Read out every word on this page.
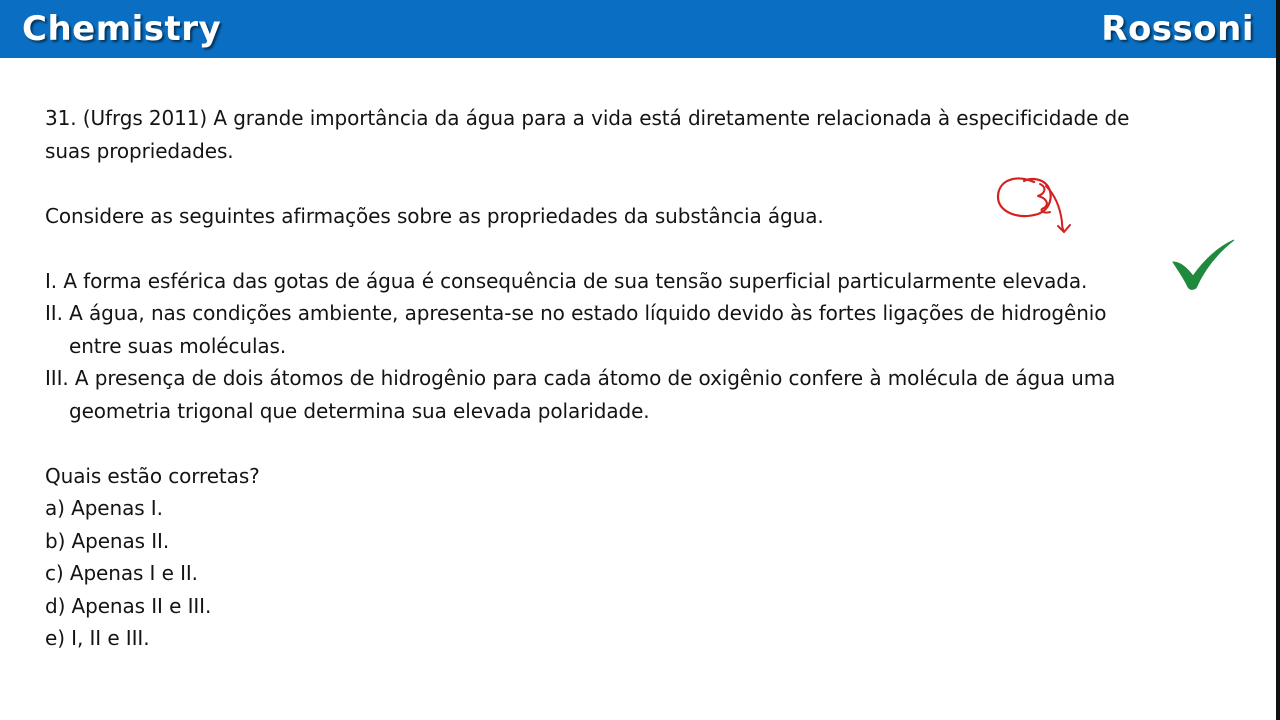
Chemistry	Rossoni
31. (Ufrgs 2011) A grande importância da água para a vida está diretamente relacionada à especificidade de
suas propriedades.
Considere as seguintes afirmações sobre as propriedades da substância água.
I. A forma esférica das gotas de água é consequência de sua tensão superficial particularmente elevada.
II. A água, nas condições ambiente, apresenta-se no estado líquido devido às fortes ligações de hidrogênio
entre suas moléculas.
III. A presença de dois átomos de hidrogênio para cada átomo de oxigênio confere à molécula de água uma
geometria trigonal que determina sua elevada polaridade.
Quais estão corretas?
a) Apenas I.
b) Apenas II.
c) Apenas I e II.
d) Apenas II e III.
e) I, II e III.
